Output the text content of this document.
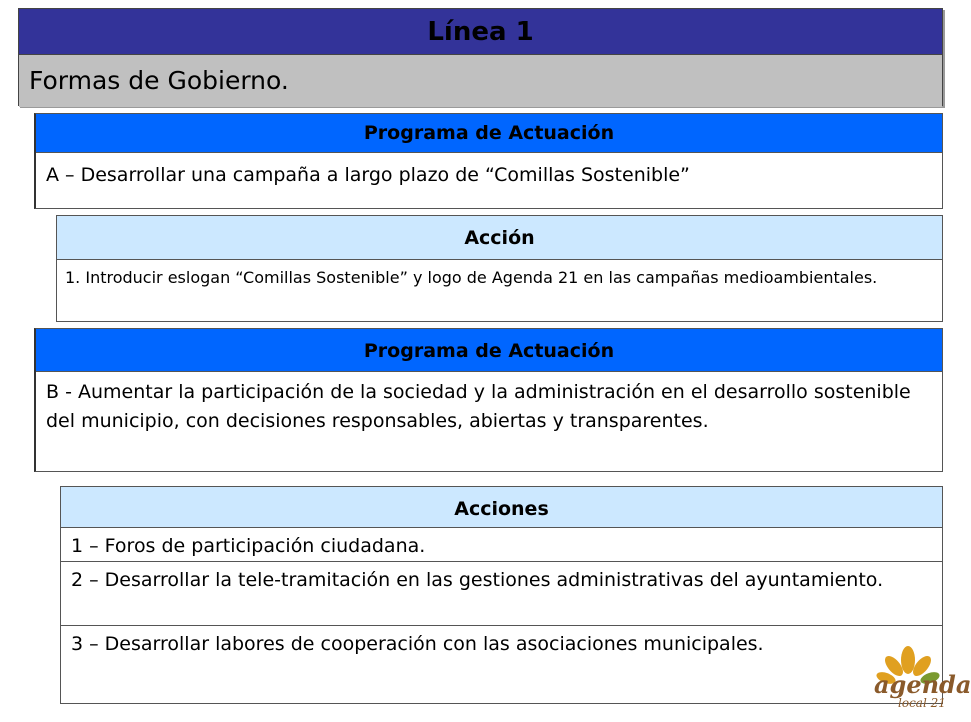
Línea 1
Formas de Gobierno.
Programa de Actuación
A – Desarrollar una campaña a largo plazo de “Comillas Sostenible”
Acción
1. Introducir eslogan “Comillas Sostenible” y logo de Agenda 21 en las campañas medioambientales.
Programa de Actuación
B - Aumentar la participación de la sociedad y la administración en el desarrollo sostenible del municipio, con decisiones responsables, abiertas y transparentes.
Acciones
1 – Foros de participación ciudadana.
2 – Desarrollar la tele-tramitación en las gestiones administrativas del ayuntamiento.
3 – Desarrollar labores de cooperación con las asociaciones municipales.
agenda
local 21
